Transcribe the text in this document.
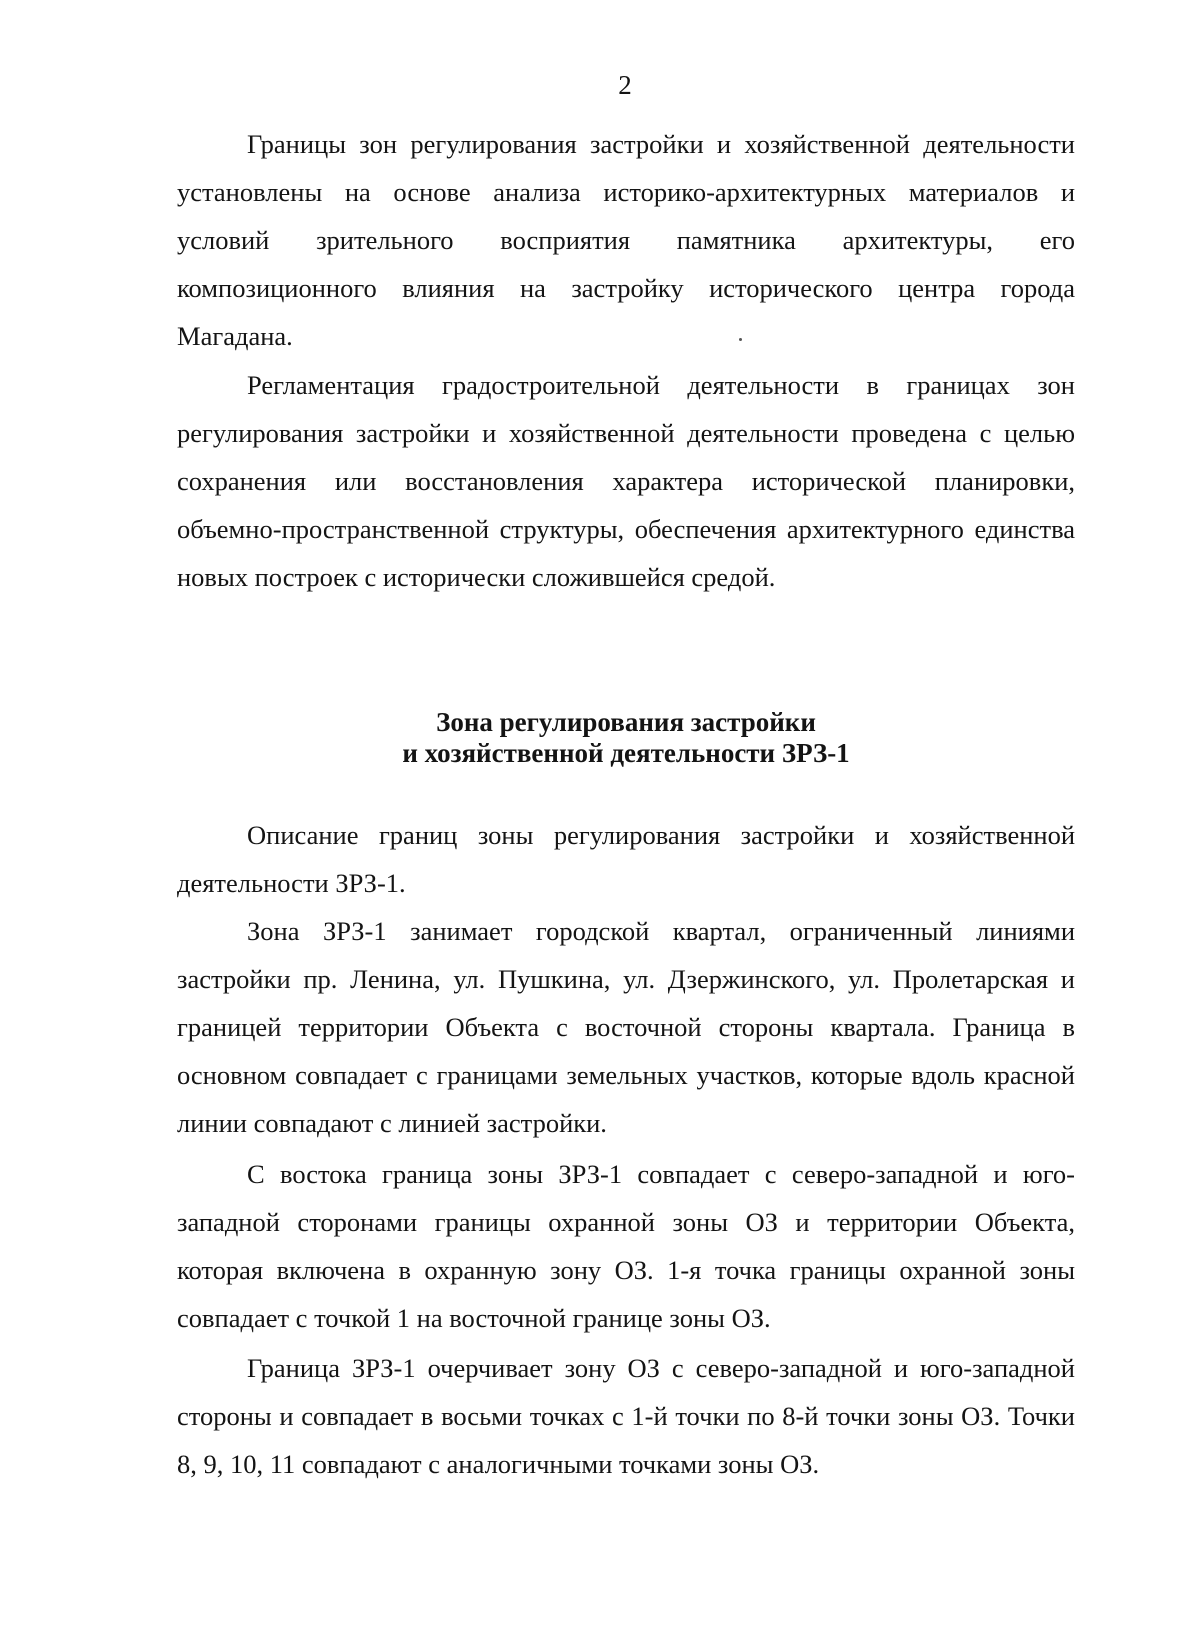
2

Границы зон регулирования застройки и хозяйственной деятельности установлены на основе анализа историко-архитектурных материалов и условий зрительного восприятия памятника архитектуры, его композиционного влияния на застройку исторического центра города Магадана.

Регламентация градостроительной деятельности в границах зон регулирования застройки и хозяйственной деятельности проведена с целью сохранения или восстановления характера исторической планировки, объемно-пространственной структуры, обеспечения архитектурного единства новых построек с исторически сложившейся средой.

Зона регулирования застройки
и хозяйственной деятельности ЗРЗ-1

Описание границ зоны регулирования застройки и хозяйственной деятельности ЗРЗ-1.

Зона ЗРЗ-1 занимает городской квартал, ограниченный линиями застройки пр. Ленина, ул. Пушкина, ул. Дзержинского, ул. Пролетарская и границей территории Объекта с восточной стороны квартала. Граница в основном совпадает с границами земельных участков, которые вдоль красной линии совпадают с линией застройки.

С востока граница зоны ЗРЗ-1 совпадает с северо-западной и юго-западной сторонами границы охранной зоны ОЗ и территории Объекта, которая включена в охранную зону ОЗ. 1-я точка границы охранной зоны совпадает с точкой 1 на восточной границе зоны ОЗ.

Граница ЗРЗ-1 очерчивает зону ОЗ с северо-западной и юго-западной стороны и совпадает в восьми точках с 1-й точки по 8-й точки зоны ОЗ. Точки 8, 9, 10, 11 совпадают с аналогичными точками зоны ОЗ.
